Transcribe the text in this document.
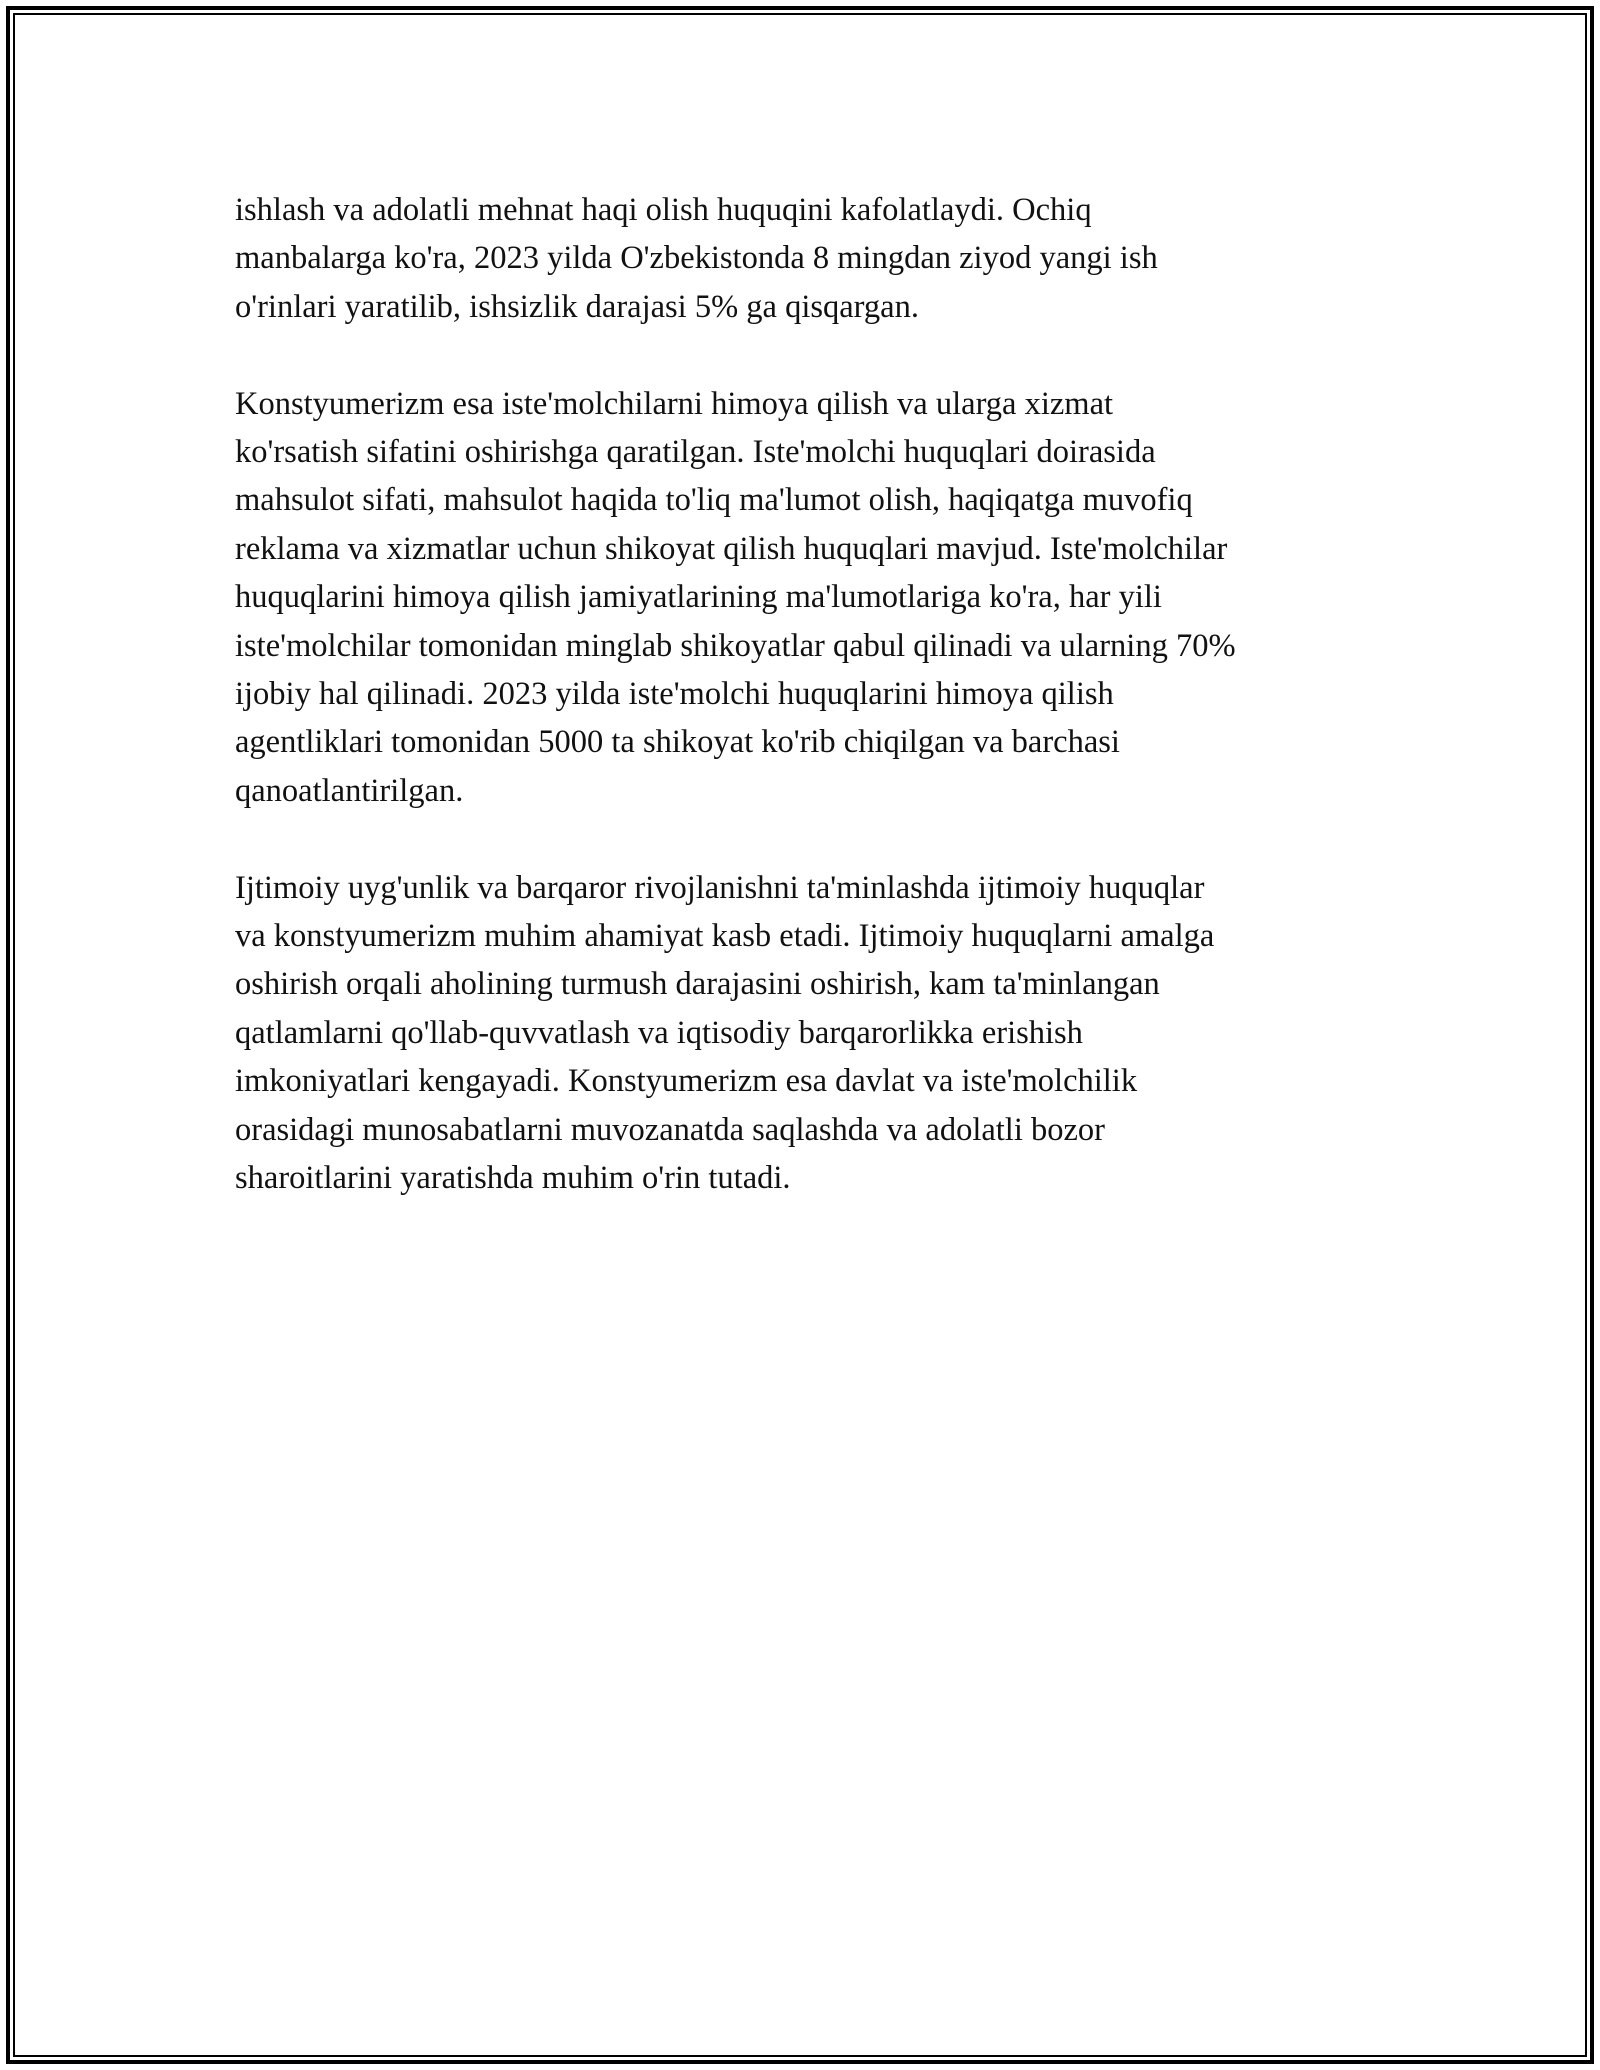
ishlash va adolatli mehnat haqi olish huquqini kafolatlaydi. Ochiq
manbalarga ko'ra, 2023 yilda O'zbekistonda 8 mingdan ziyod yangi ish
o'rinlari yaratilib, ishsizlik darajasi 5% ga qisqargan.

Konstyumerizm esa iste'molchilarni himoya qilish va ularga xizmat
ko'rsatish sifatini oshirishga qaratilgan. Iste'molchi huquqlari doirasida
mahsulot sifati, mahsulot haqida to'liq ma'lumot olish, haqiqatga muvofiq
reklama va xizmatlar uchun shikoyat qilish huquqlari mavjud. Iste'molchilar
huquqlarini himoya qilish jamiyatlarining ma'lumotlariga ko'ra, har yili
iste'molchilar tomonidan minglab shikoyatlar qabul qilinadi va ularning 70%
ijobiy hal qilinadi. 2023 yilda iste'molchi huquqlarini himoya qilish
agentliklari tomonidan 5000 ta shikoyat ko'rib chiqilgan va barchasi
qanoatlantirilgan.

Ijtimoiy uyg'unlik va barqaror rivojlanishni ta'minlashda ijtimoiy huquqlar
va konstyumerizm muhim ahamiyat kasb etadi. Ijtimoiy huquqlarni amalga
oshirish orqali aholining turmush darajasini oshirish, kam ta'minlangan
qatlamlarni qo'llab-quvvatlash va iqtisodiy barqarorlikka erishish
imkoniyatlari kengayadi. Konstyumerizm esa davlat va iste'molchilik
orasidagi munosabatlarni muvozanatda saqlashda va adolatli bozor
sharoitlarini yaratishda muhim o'rin tutadi.
